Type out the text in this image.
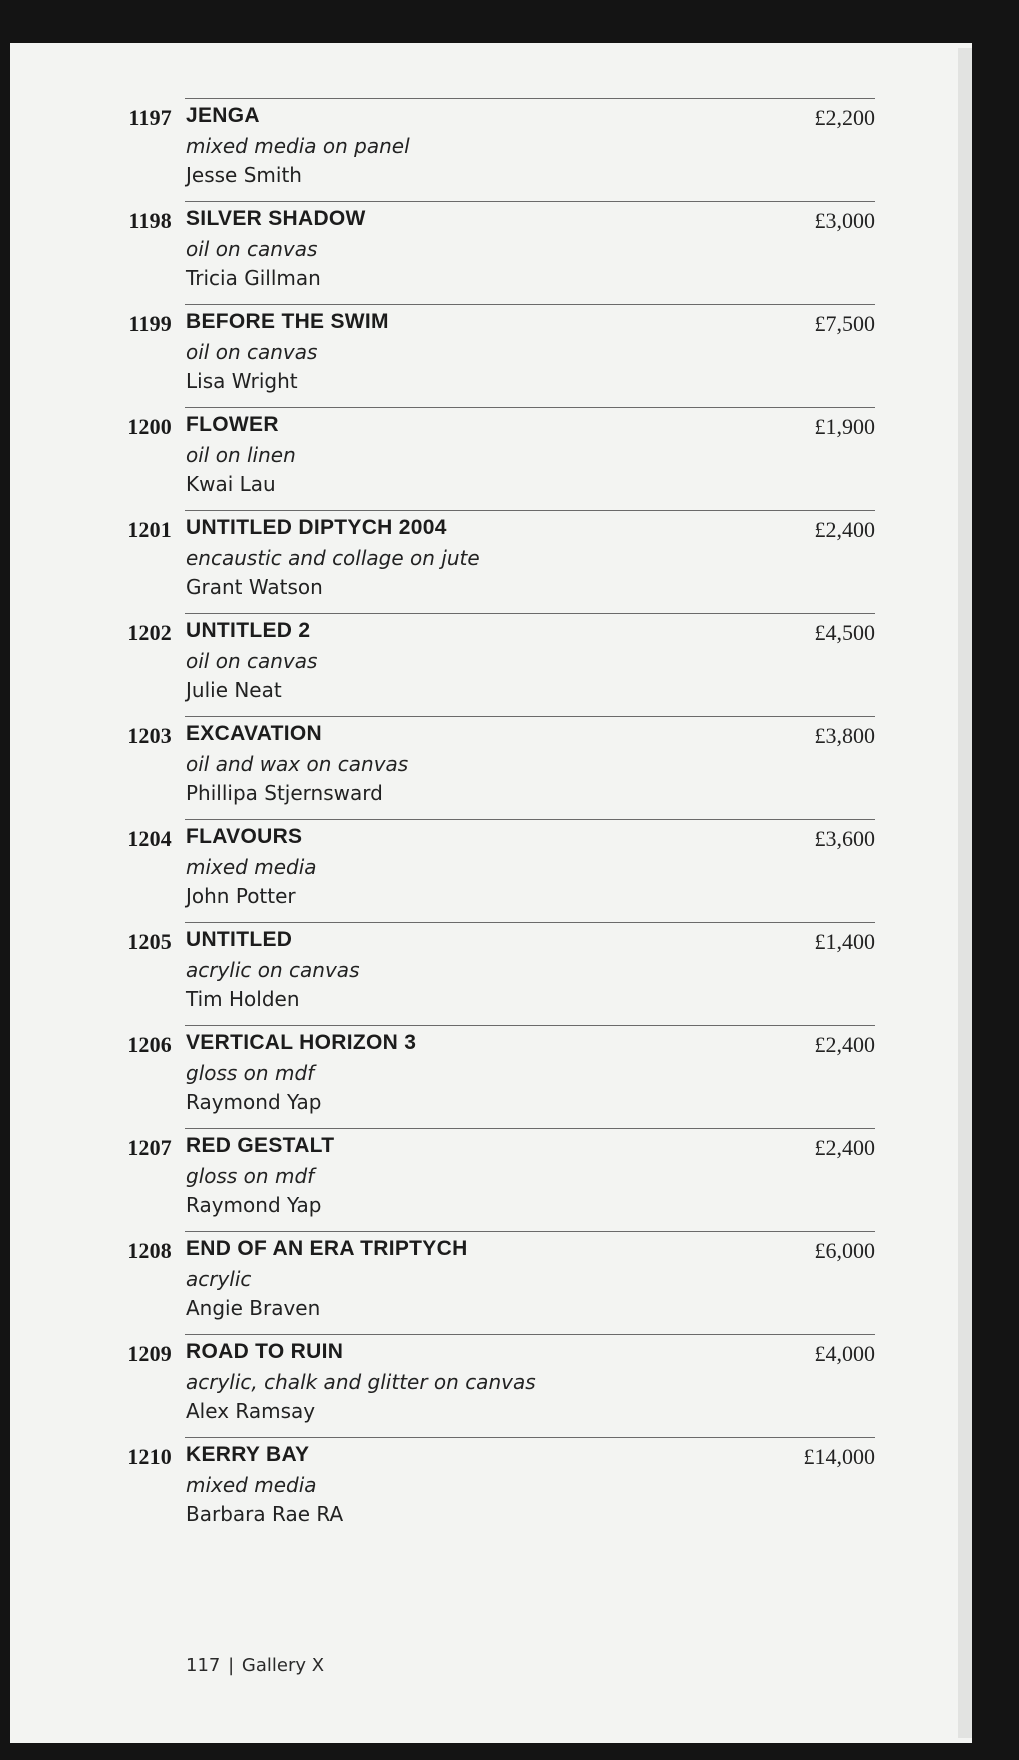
1197 JENGA
mixed media on panel
Jesse Smith
£2,200
1198 SILVER SHADOW
oil on canvas
Tricia Gillman
£3,000
1199 BEFORE THE SWIM
oil on canvas
Lisa Wright
£7,500
1200 FLOWER
oil on linen
Kwai Lau
£1,900
1201 UNTITLED DIPTYCH 2004
encaustic and collage on jute
Grant Watson
£2,400
1202 UNTITLED 2
oil on canvas
Julie Neat
£4,500
1203 EXCAVATION
oil and wax on canvas
Phillipa Stjernsward
£3,800
1204 FLAVOURS
mixed media
John Potter
£3,600
1205 UNTITLED
acrylic on canvas
Tim Holden
£1,400
1206 VERTICAL HORIZON 3
gloss on mdf
Raymond Yap
£2,400
1207 RED GESTALT
gloss on mdf
Raymond Yap
£2,400
1208 END OF AN ERA TRIPTYCH
acrylic
Angie Braven
£6,000
1209 ROAD TO RUIN
acrylic, chalk and glitter on canvas
Alex Ramsay
£4,000
1210 KERRY BAY
mixed media
Barbara Rae RA
£14,000
117 | Gallery X
